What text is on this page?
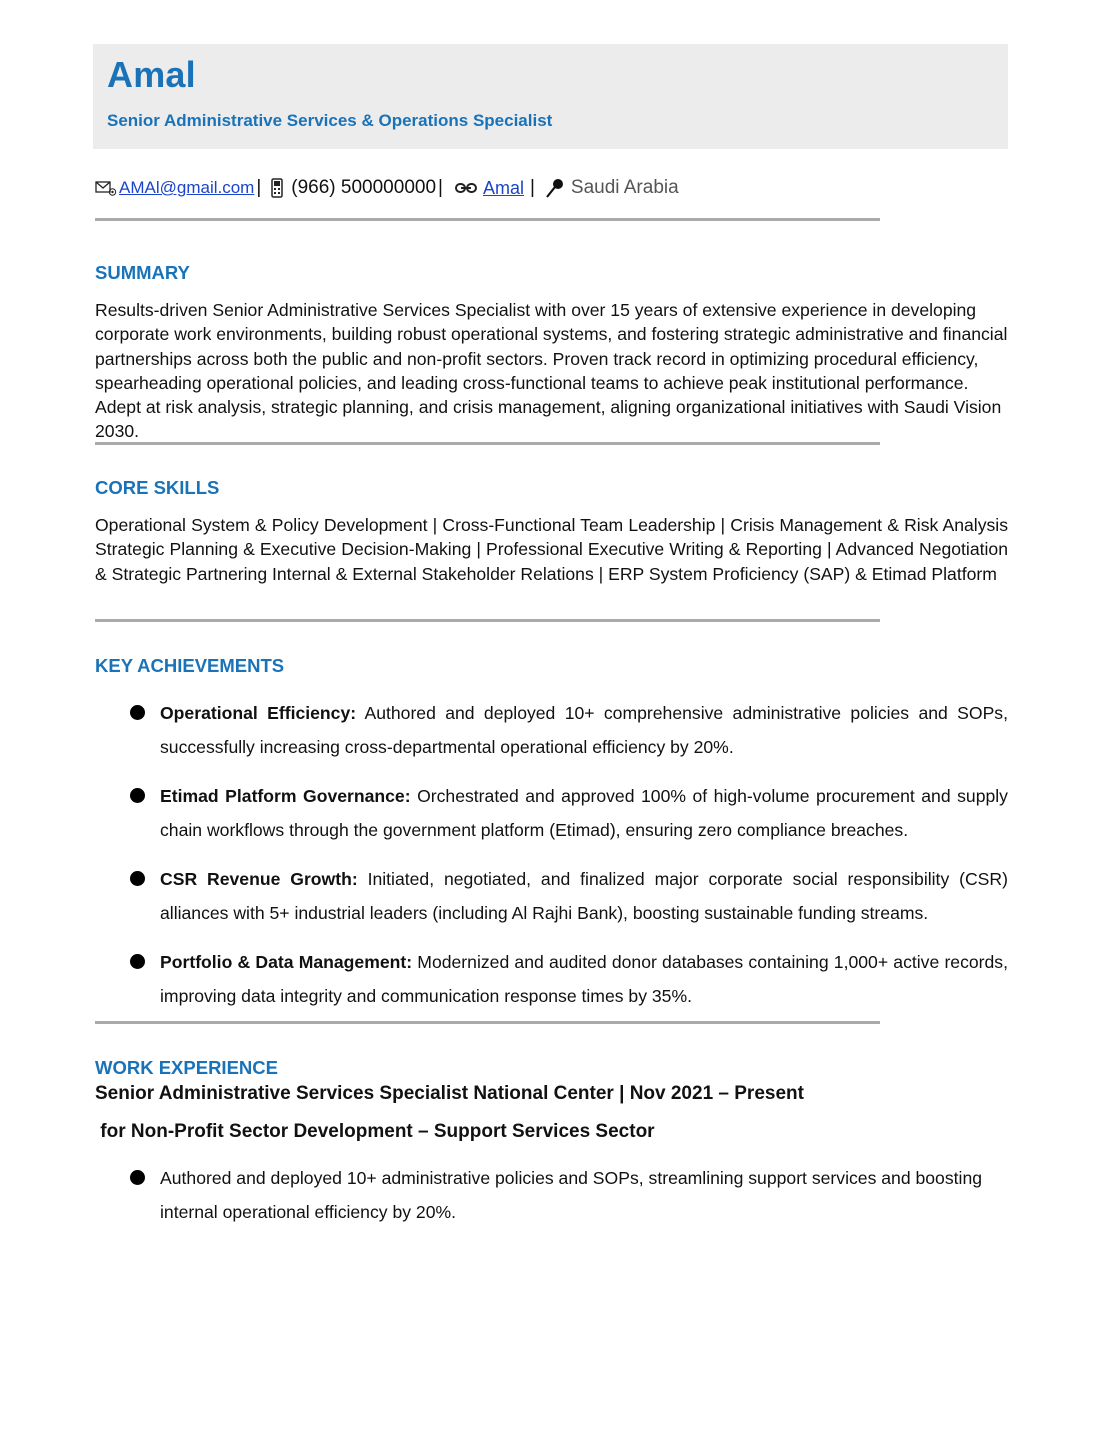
Amal

Senior Administrative Services & Operations Specialist

AMAl@gmail.com | (966) 500000000 | Amal | Saudi Arabia
SUMMARY

Results-driven Senior Administrative Services Specialist with over 15 years of extensive experience in developing corporate work environments, building robust operational systems, and fostering strategic administrative and financial partnerships across both the public and non-profit sectors. Proven track record in optimizing procedural efficiency, spearheading operational policies, and leading cross-functional teams to achieve peak institutional performance. Adept at risk analysis, strategic planning, and crisis management, aligning organizational initiatives with Saudi Vision 2030.

CORE SKILLS

Operational System & Policy Development | Cross-Functional Team Leadership | Crisis Management & Risk Analysis Strategic Planning & Executive Decision-Making | Professional Executive Writing & Reporting | Advanced Negotiation & Strategic Partnering Internal & External Stakeholder Relations | ERP System Proficiency (SAP) & Etimad Platform

KEY ACHIEVEMENTS
Operational Efficiency: Authored and deployed 10+ comprehensive administrative policies and SOPs, successfully increasing cross-departmental operational efficiency by 20%.
Etimad Platform Governance: Orchestrated and approved 100% of high-volume procurement and supply chain workflows through the government platform (Etimad), ensuring zero compliance breaches.
CSR Revenue Growth: Initiated, negotiated, and finalized major corporate social responsibility (CSR) alliances with 5+ industrial leaders (including Al Rajhi Bank), boosting sustainable funding streams.
Portfolio & Data Management: Modernized and audited donor databases containing 1,000+ active records, improving data integrity and communication response times by 35%.
WORK EXPERIENCE

Senior Administrative Services Specialist National Center | Nov 2021 – Present

for Non-Profit Sector Development – Support Services Sector

Authored and deployed 10+ administrative policies and SOPs, streamlining support services and boosting internal operational efficiency by 20%.
